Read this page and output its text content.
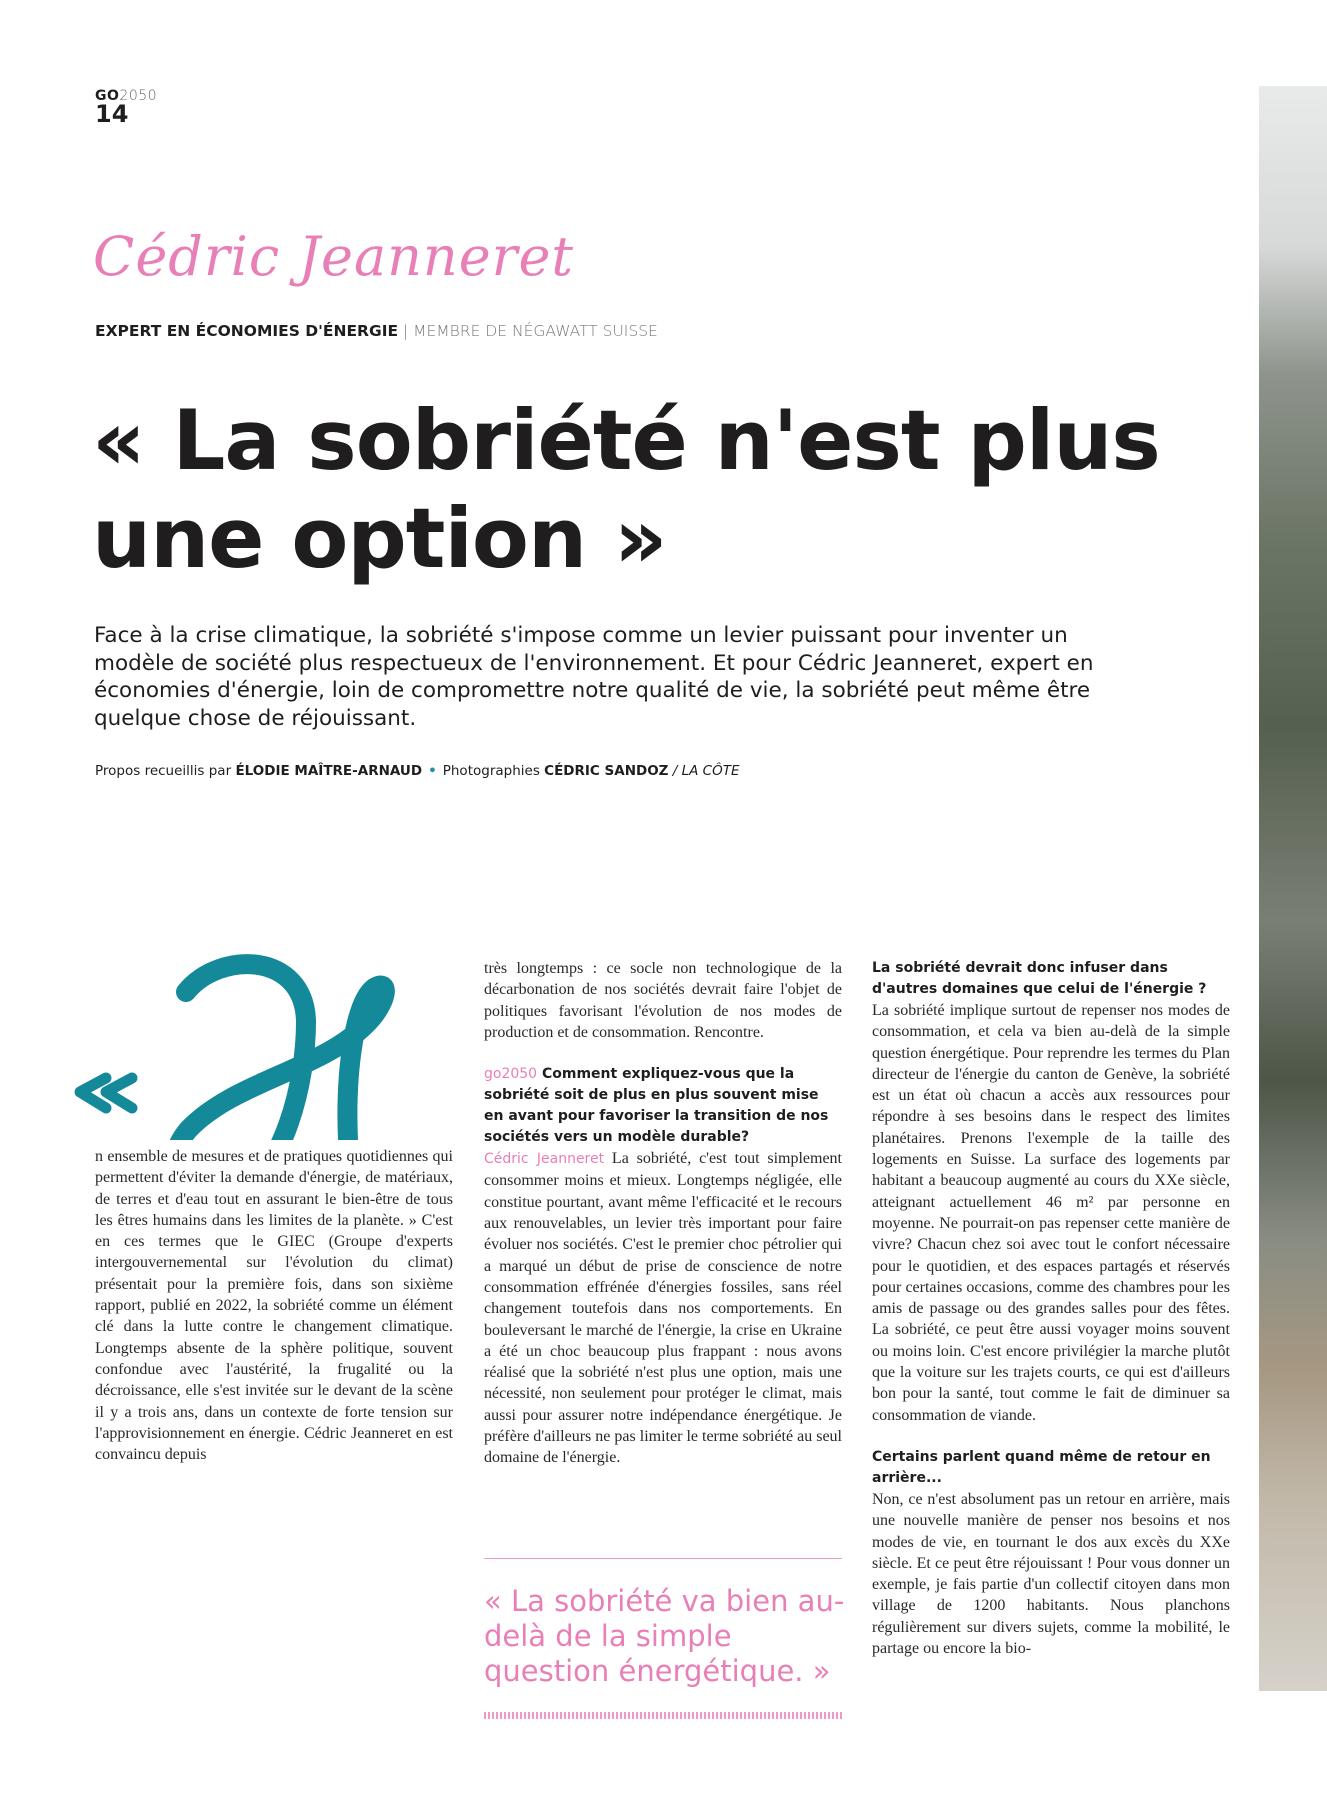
GO2050
14
Cédric Jeanneret
EXPERT EN ÉCONOMIES D'ÉNERGIE | MEMBRE DE NÉGAWATT SUISSE
« La sobriété n'est plus
une option »
Face à la crise climatique, la sobriété s'impose comme un levier puissant pour inventer un modèle de société plus respectueux de l'environnement. Et pour Cédric Jeanneret, expert en économies d'énergie, loin de compromettre notre qualité de vie, la sobriété peut même être quelque chose de réjouissant.
Propos recueillis par ÉLODIE MAÎTRE-ARNAUD • Photographies CÉDRIC SANDOZ / LA CÔTE

n ensemble de mesures et de pratiques quotidiennes qui permettent d'éviter la demande d'énergie, de matériaux, de terres et d'eau tout en assurant le bien-être de tous les êtres humains dans les limites de la planète. » C'est en ces termes que le GIEC (Groupe d'experts intergouvernemental sur l'évolution du climat) présentait pour la première fois, dans son sixième rapport, publié en 2022, la sobriété comme un élément clé dans la lutte contre le changement climatique. Longtemps absente de la sphère politique, souvent confondue avec l'austérité, la frugalité ou la décroissance, elle s'est invitée sur le devant de la scène il y a trois ans, dans un contexte de forte tension sur l'approvisionnement en énergie. Cédric Jeanneret en est convaincu depuis

très longtemps : ce socle non technologique de la décarbonation de nos sociétés devrait faire l'objet de politiques favorisant l'évolution de nos modes de production et de consommation. Rencontre.

go2050 Comment expliquez-vous que la sobriété soit de plus en plus souvent mise en avant pour favoriser la transition de nos sociétés vers un modèle durable?

Cédric Jeanneret La sobriété, c'est tout simplement consommer moins et mieux. Longtemps négligée, elle constitue pourtant, avant même l'efficacité et le recours aux renouvelables, un levier très important pour faire évoluer nos sociétés. C'est le premier choc pétrolier qui a marqué un début de prise de conscience de notre consommation effrénée d'énergies fossiles, sans réel changement toutefois dans nos comportements. En bouleversant le marché de l'énergie, la crise en Ukraine a été un choc beaucoup plus frappant : nous avons réalisé que la sobriété n'est plus une option, mais une nécessité, non seulement pour protéger le climat, mais aussi pour assurer notre indépendance énergétique. Je préfère d'ailleurs ne pas limiter le terme sobriété au seul domaine de l'énergie.

« La sobriété va bien au-delà de la simple question énergétique. »

La sobriété devrait donc infuser dans d'autres domaines que celui de l'énergie ?

La sobriété implique surtout de repenser nos modes de consommation, et cela va bien au-delà de la simple question énergétique. Pour reprendre les termes du Plan directeur de l'énergie du canton de Genève, la sobriété est un état où chacun a accès aux ressources pour répondre à ses besoins dans le respect des limites planétaires. Prenons l'exemple de la taille des logements en Suisse. La surface des logements par habitant a beaucoup augmenté au cours du XXe siècle, atteignant actuellement 46 m² par personne en moyenne. Ne pourrait-on pas repenser cette manière de vivre? Chacun chez soi avec tout le confort nécessaire pour le quotidien, et des espaces partagés et réservés pour certaines occasions, comme des chambres pour les amis de passage ou des grandes salles pour des fêtes. La sobriété, ce peut être aussi voyager moins souvent ou moins loin. C'est encore privilégier la marche plutôt que la voiture sur les trajets courts, ce qui est d'ailleurs bon pour la santé, tout comme le fait de diminuer sa consommation de viande.

Certains parlent quand même de retour en arrière...

Non, ce n'est absolument pas un retour en arrière, mais une nouvelle manière de penser nos besoins et nos modes de vie, en tournant le dos aux excès du XXe siècle. Et ce peut être réjouissant ! Pour vous donner un exemple, je fais partie d'un collectif citoyen dans mon village de 1200 habitants. Nous planchons régulièrement sur divers sujets, comme la mobilité, le partage ou encore la bio-
